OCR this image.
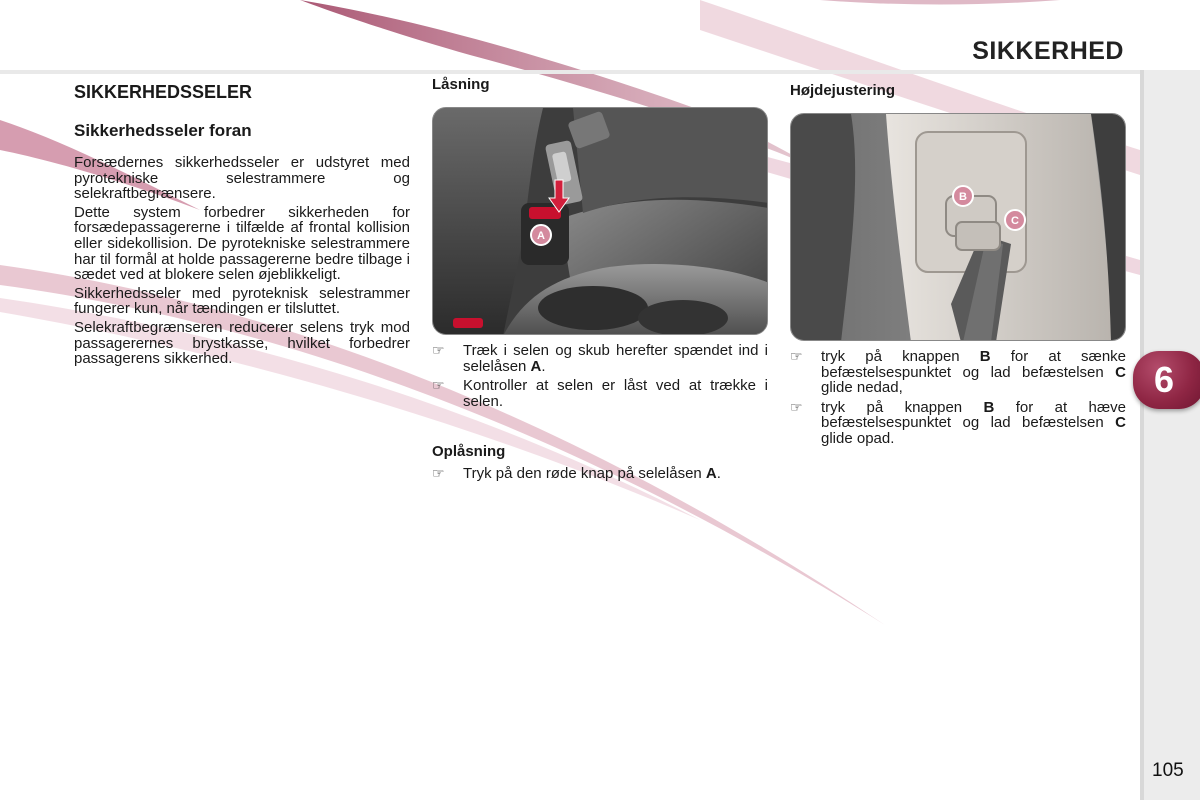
SIKKERHED
6
SIKKERHEDSSELER
Sikkerhedsseler foran

Forsædernes sikkerhedsseler er udstyret med pyrotekniske selestrammere og selekraftbegrænsere.

Dette system forbedrer sikkerheden for forsædepassagererne i tilfælde af frontal kollision eller sidekollision. De pyrotekniske selestrammere har til formål at holde passagererne bedre tilbage i sædet ved at blokere selen øjeblikkeligt.

Sikkerhedsseler med pyroteknisk selestrammer fungerer kun, når tændingen er tilsluttet.

Selekraftbegrænseren reducerer selens tryk mod passagerernes brystkasse, hvilket forbedrer passagerens sikkerhed.

Låsning
A
☞ Træk i selen og skub herefter spændet ind i selelåsen A.
☞ Kontroller at selen er låst ved at trække i selen.
Oplåsning
☞ Tryk på den røde knap på selelåsen A.
Højdejustering
B
C
☞ tryk på knappen B for at sænke befæstelsespunktet og lad befæstelsen C glide nedad,
☞ tryk på knappen B for at hæve befæstelsespunktet og lad befæstelsen C glide opad.
105
